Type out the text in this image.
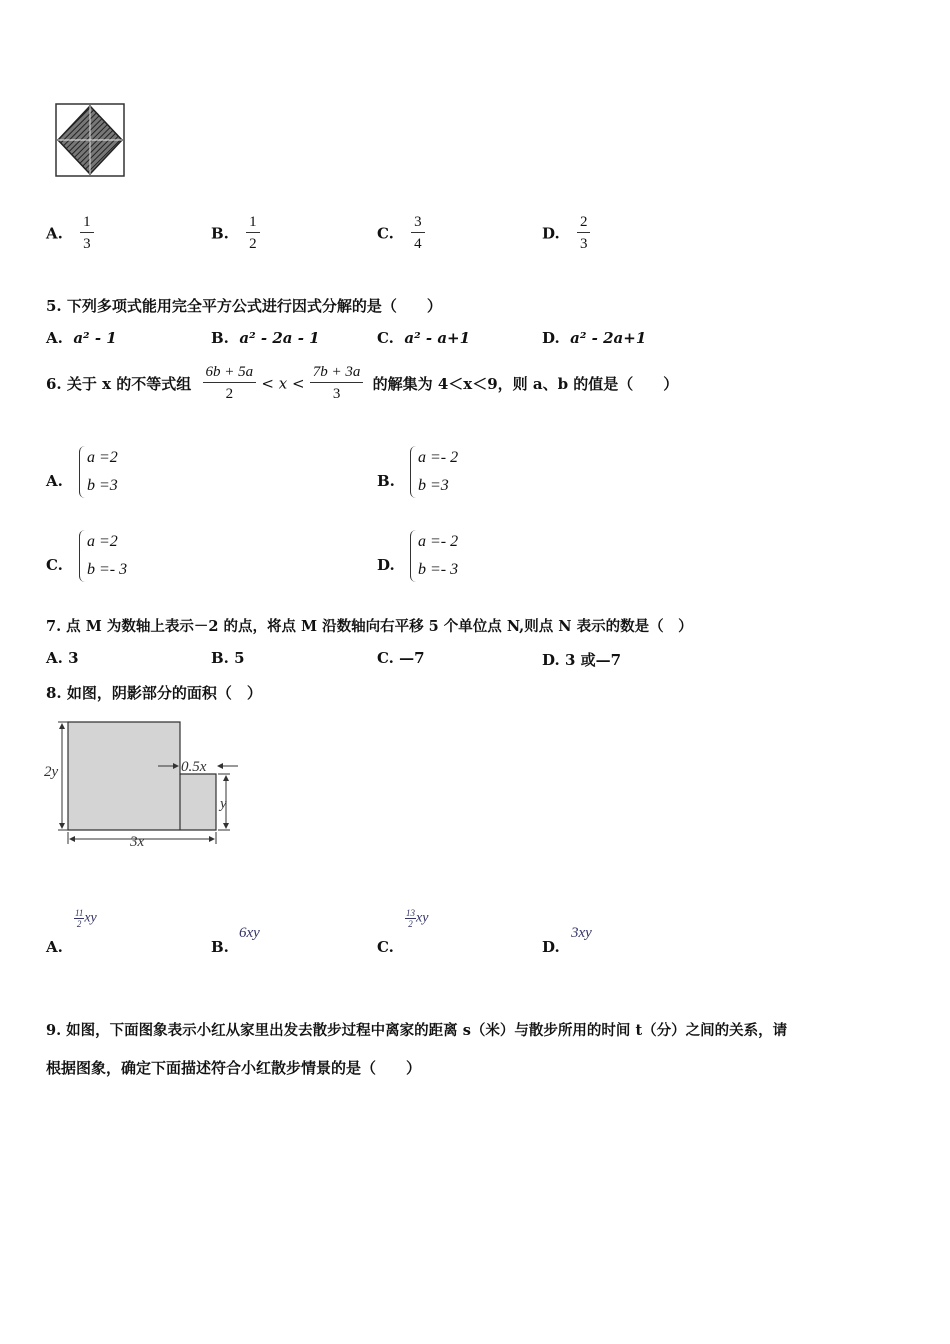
A. $\frac{1}{3}$	B. $\frac{1}{2}$	C. $\frac{3}{4}$	D. $\frac{2}{3}$
5. 下列多项式能用完全平方公式进行因式分解的是（　　）
A. a² - 1	B. a² - 2a - 1	C. a² - a+1	D. a² - 2a+1
6. 关于 x 的不等式组 $\frac{6b + 5a}{2} < x < \frac{7b + 3a}{3}$ 的解集为 4＜x＜9，则 a、b 的值是（　　）
A.
a =2
b =3	B.
a =- 2
b =3
C.
a =2
b =- 3	D.
a =- 2
b =- 3
7. 点 M 为数轴上表示－2 的点，将点 M 沿数轴向右平移 5 个单位点 N,则点 N 表示的数是（　）
A. 3	B. 5	C. —7	D. 3 或—7
8. 如图，阴影部分的面积（　）
2y	0.5x
y
3x
A.
$\frac{11}{2}$ xy
B.
6xy
C.
$\frac{13}{2}$ xy
D.
3xy
9. 如图，下面图象表示小红从家里出发去散步过程中离家的距离 s（米）与散步所用的时间 t（分）之间的关系，请
根据图象，确定下面描述符合小红散步情景的是（　　）
